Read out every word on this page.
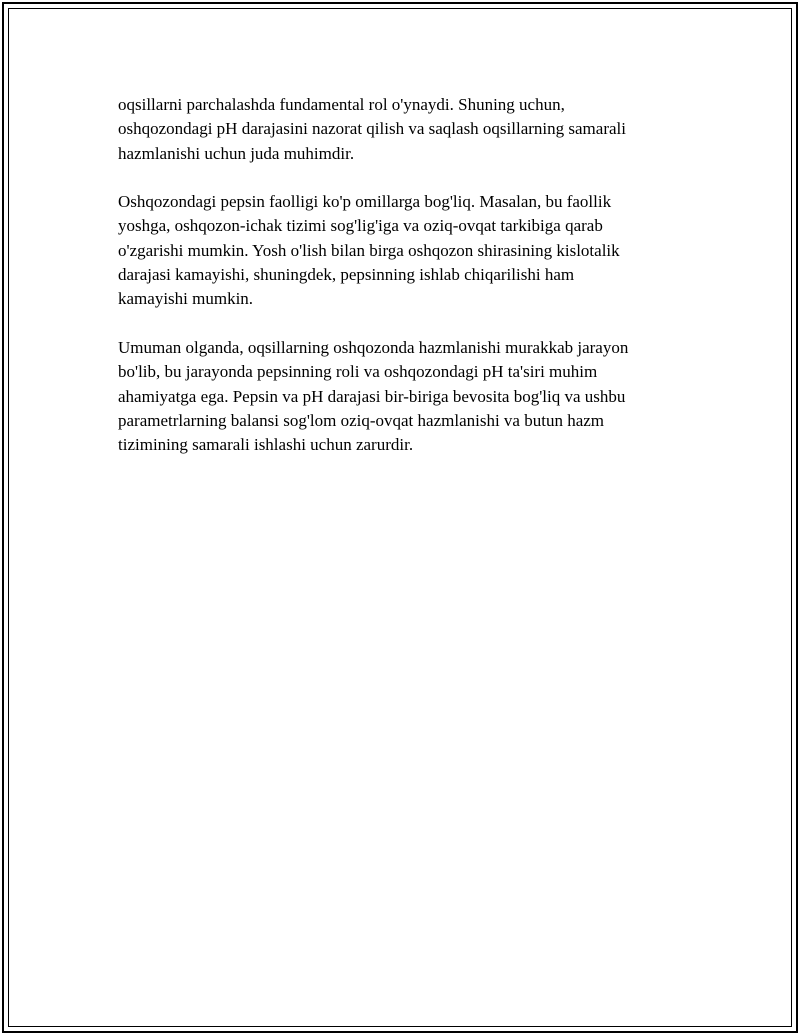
oqsillarni parchalashda fundamental rol o'ynaydi. Shuning uchun,
oshqozondagi pH darajasini nazorat qilish va saqlash oqsillarning samarali
hazmlanishi uchun juda muhimdir.

Oshqozondagi pepsin faolligi ko'p omillarga bog'liq. Masalan, bu faollik
yoshga, oshqozon-ichak tizimi sog'lig'iga va oziq-ovqat tarkibiga qarab
o'zgarishi mumkin. Yosh o'lish bilan birga oshqozon shirasining kislotalik
darajasi kamayishi, shuningdek, pepsinning ishlab chiqarilishi ham
kamayishi mumkin.

Umuman olganda, oqsillarning oshqozonda hazmlanishi murakkab jarayon
bo'lib, bu jarayonda pepsinning roli va oshqozondagi pH ta'siri muhim
ahamiyatga ega. Pepsin va pH darajasi bir-biriga bevosita bog'liq va ushbu
parametrlarning balansi sog'lom oziq-ovqat hazmlanishi va butun hazm
tizimining samarali ishlashi uchun zarurdir.
